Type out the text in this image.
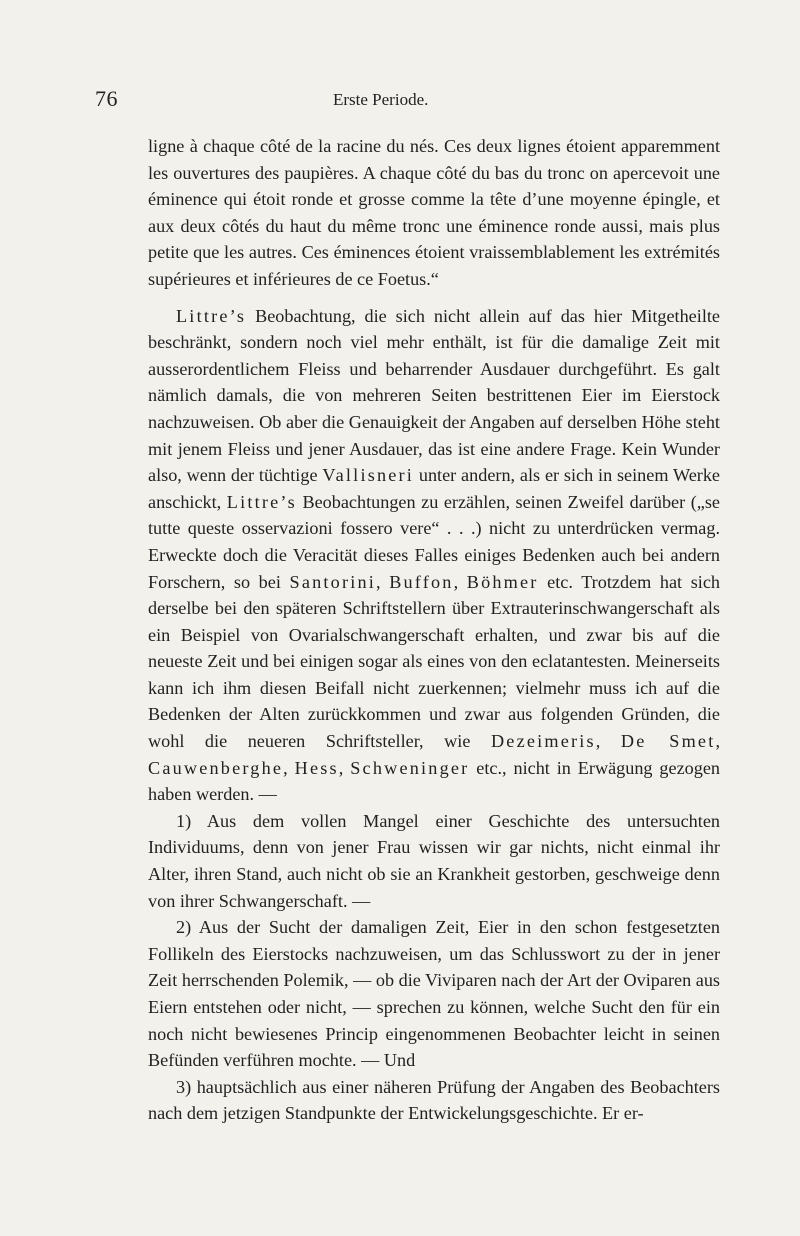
76	Erste Periode.

ligne à chaque côté de la racine du nés. Ces deux lignes étoient apparemment les ouvertures des paupières. A chaque côté du bas du tronc on apercevoit une éminence qui étoit ronde et grosse comme la tête d’une moyenne épingle, et aux deux côtés du haut du même tronc une éminence ronde aussi, mais plus petite que les autres. Ces éminences étoient vraissemblablement les extrémités supérieures et inférieures de ce Foetus.“

Littre’s Beobachtung, die sich nicht allein auf das hier Mitgetheilte beschränkt, sondern noch viel mehr enthält, ist für die damalige Zeit mit ausserordentlichem Fleiss und beharrender Ausdauer durchgeführt. Es galt nämlich damals, die von mehreren Seiten bestrittenen Eier im Eierstock nachzuweisen. Ob aber die Genauigkeit der Angaben auf derselben Höhe steht mit jenem Fleiss und jener Ausdauer, das ist eine andere Frage. Kein Wunder also, wenn der tüchtige Vallisneri unter andern, als er sich in seinem Werke anschickt, Littre’s Beobachtungen zu erzählen, seinen Zweifel darüber („se tutte queste osservazioni fossero vere“ . . .) nicht zu unterdrücken vermag. Erweckte doch die Veracität dieses Falles einiges Bedenken auch bei andern Forschern, so bei Santorini, Buffon, Böhmer etc. Trotzdem hat sich derselbe bei den späteren Schriftstellern über Extrauterinschwangerschaft als ein Beispiel von Ovarialschwangerschaft erhalten, und zwar bis auf die neueste Zeit und bei einigen sogar als eines von den eclatantesten. Meinerseits kann ich ihm diesen Beifall nicht zuerkennen; vielmehr muss ich auf die Bedenken der Alten zurückkommen und zwar aus folgenden Gründen, die wohl die neueren Schriftsteller, wie Dezeimeris, De Smet, Cauwenberghe, Hess, Schweninger etc., nicht in Erwägung gezogen haben werden. —

1) Aus dem vollen Mangel einer Geschichte des untersuchten Individuums, denn von jener Frau wissen wir gar nichts, nicht einmal ihr Alter, ihren Stand, auch nicht ob sie an Krankheit gestorben, geschweige denn von ihrer Schwangerschaft. —

2) Aus der Sucht der damaligen Zeit, Eier in den schon festgesetzten Follikeln des Eierstocks nachzuweisen, um das Schlusswort zu der in jener Zeit herrschenden Polemik, — ob die Viviparen nach der Art der Oviparen aus Eiern entstehen oder nicht, — sprechen zu können, welche Sucht den für ein noch nicht bewiesenes Princip eingenommenen Beobachter leicht in seinen Befünden verführen mochte. — Und

3) hauptsächlich aus einer näheren Prüfung der Angaben des Beobachters nach dem jetzigen Standpunkte der Entwickelungsgeschichte. Er er-
